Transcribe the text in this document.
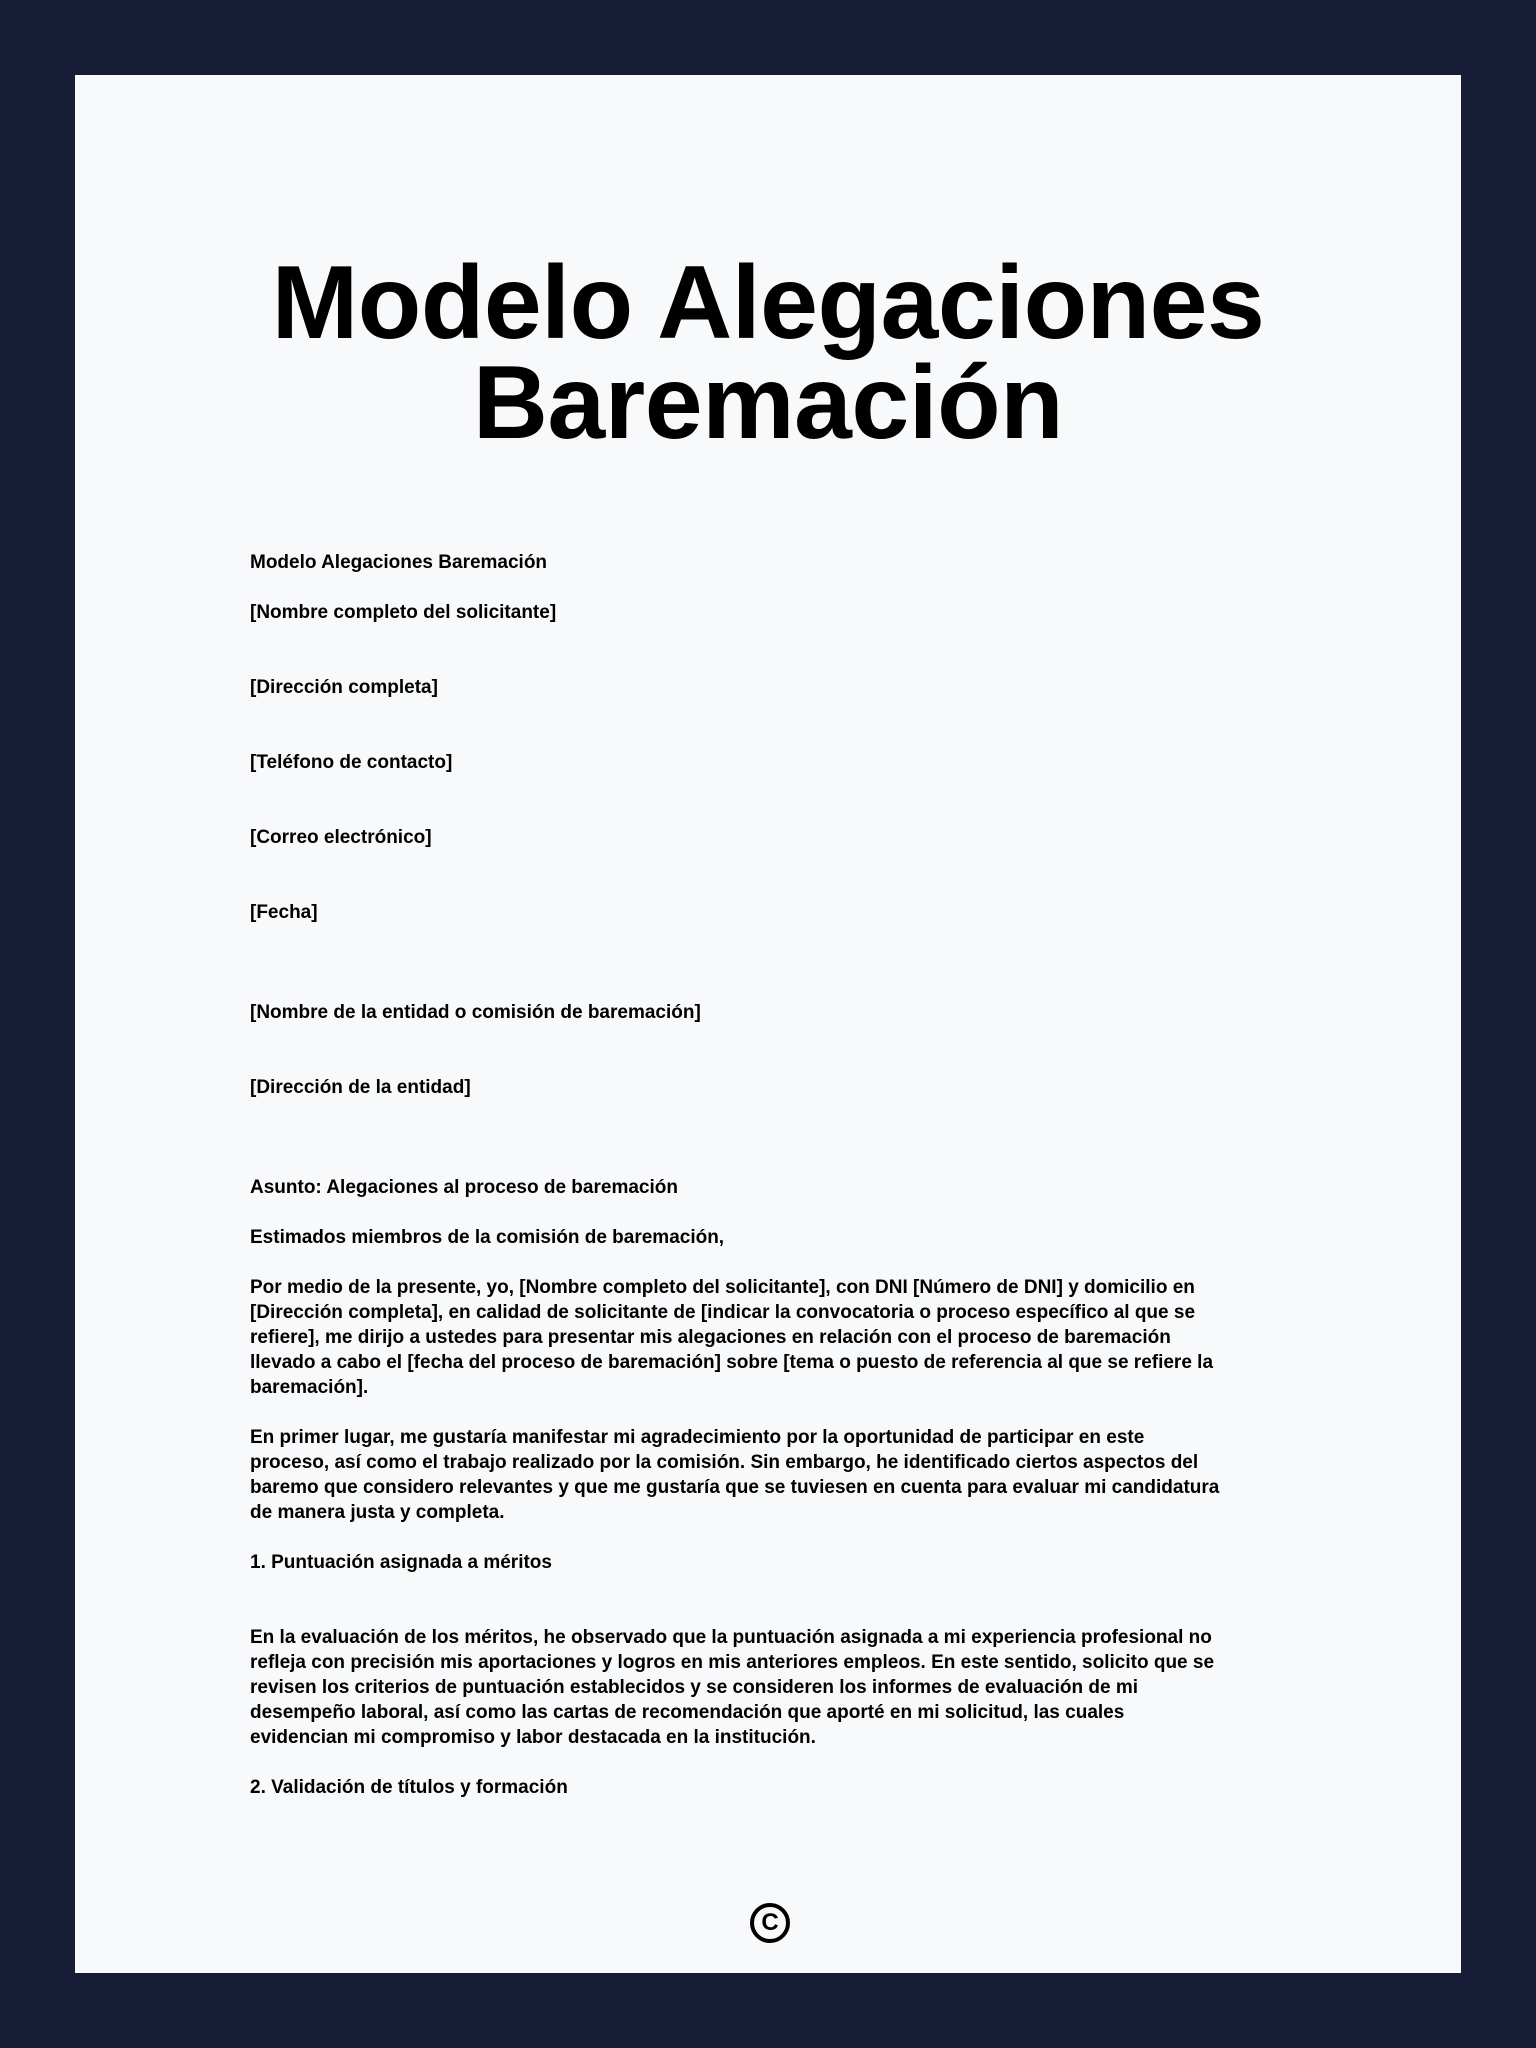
Modelo Alegaciones
Baremación

Modelo Alegaciones Baremación

[Nombre completo del solicitante]

[Dirección completa]

[Teléfono de contacto]

[Correo electrónico]

[Fecha]

[Nombre de la entidad o comisión de baremación]

[Dirección de la entidad]

Asunto: Alegaciones al proceso de baremación

Estimados miembros de la comisión de baremación,

Por medio de la presente, yo, [Nombre completo del solicitante], con DNI [Número de DNI] y domicilio en
[Dirección completa], en calidad de solicitante de [indicar la convocatoria o proceso específico al que se
refiere], me dirijo a ustedes para presentar mis alegaciones en relación con el proceso de baremación
llevado a cabo el [fecha del proceso de baremación] sobre [tema o puesto de referencia al que se refiere la
baremación].
En primer lugar, me gustaría manifestar mi agradecimiento por la oportunidad de participar en este
proceso, así como el trabajo realizado por la comisión. Sin embargo, he identificado ciertos aspectos del
baremo que considero relevantes y que me gustaría que se tuviesen en cuenta para evaluar mi candidatura
de manera justa y completa.

1. Puntuación asignada a méritos

En la evaluación de los méritos, he observado que la puntuación asignada a mi experiencia profesional no
refleja con precisión mis aportaciones y logros en mis anteriores empleos. En este sentido, solicito que se
revisen los criterios de puntuación establecidos y se consideren los informes de evaluación de mi
desempeño laboral, así como las cartas de recomendación que aporté en mi solicitud, las cuales
evidencian mi compromiso y labor destacada en la institución.

2. Validación de títulos y formación

C
